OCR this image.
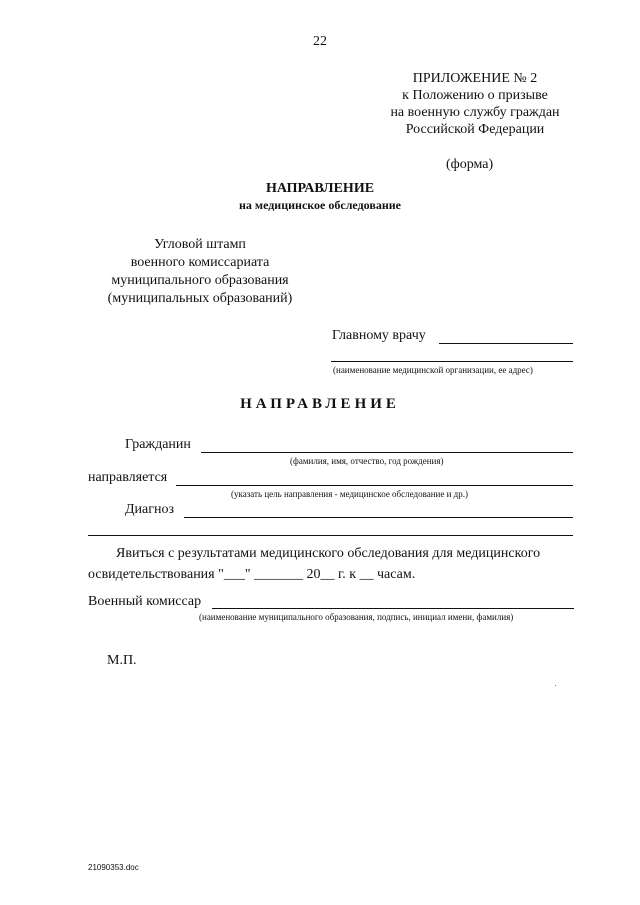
22
ПРИЛОЖЕНИЕ № 2
к Положению о призыве
на военную службу граждан
Российской Федерации
(форма)
НАПРАВЛЕНИЕ
на медицинское обследование
Угловой штамп
военного комиссариата
муниципального образования
(муниципальных образований)
Главному врачу
(наименование медицинской организации, ее адрес)
НАПРАВЛЕНИЕ
Гражданин
(фамилия, имя, отчество, год рождения)
направляется
(указать цель направления - медицинское обследование и др.)
Диагноз
Явиться с результатами медицинского обследования для медицинского
освидетельствования "___" _______ 20__ г. к __ часам.
Военный комиссар
(наименование муниципального образования, подпись, инициал имени, фамилия)
М.П.
21090353.doc
